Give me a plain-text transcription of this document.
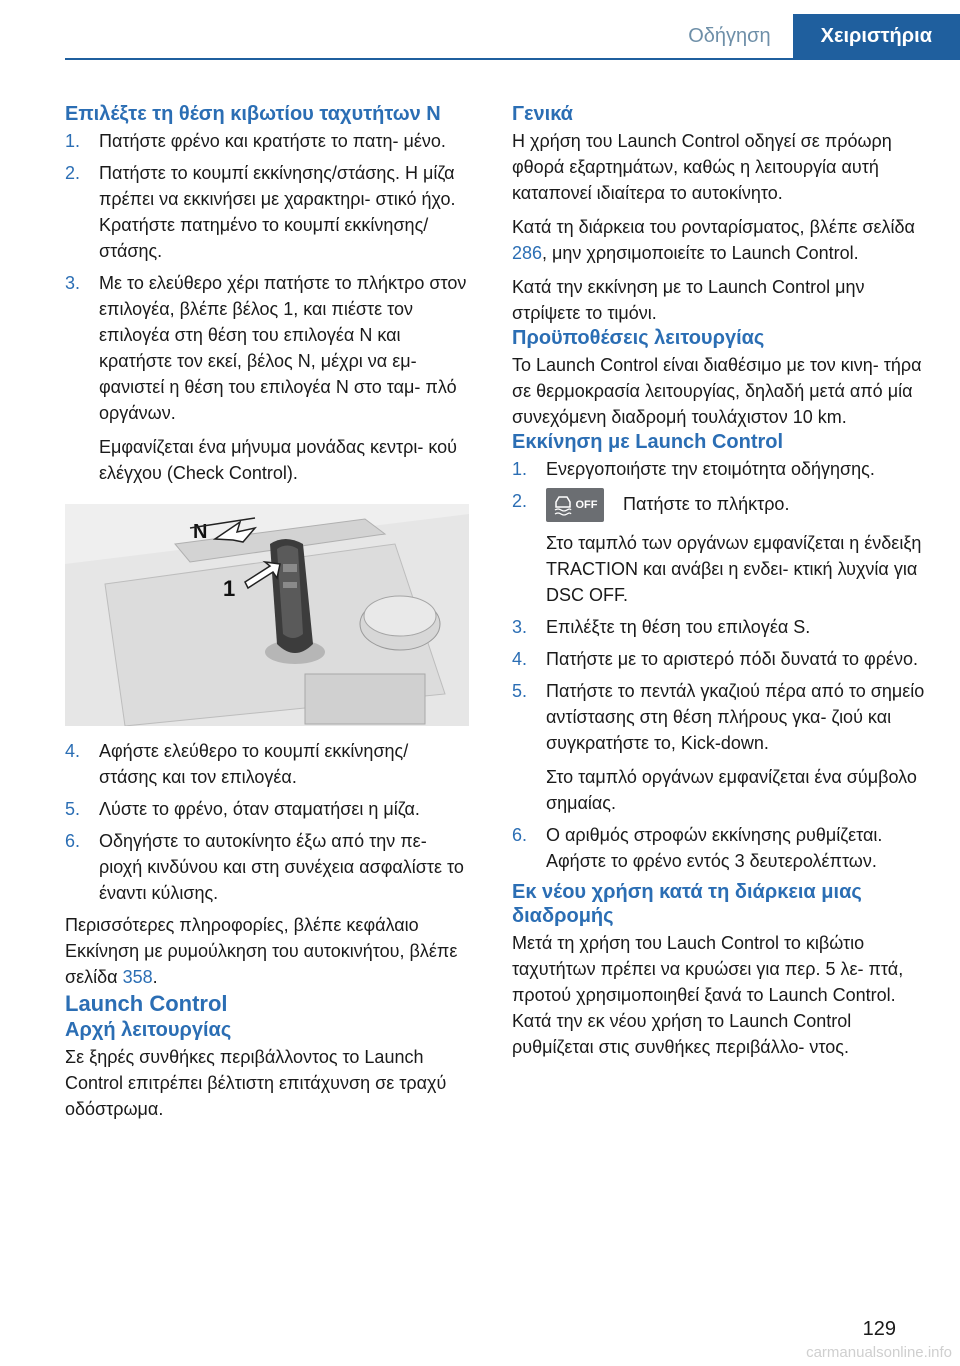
Οδήγηση	Χειριστήρια
Επιλέξτε τη θέση κιβωτίου ταχυτήτων N
1.	Πατήστε φρένο και κρατήστε το πατη- μένο.

2.	Πατήστε το κουμπί εκκίνησης/στάσης. Η μίζα πρέπει να εκκινήσει με χαρακτηρι- στικό ήχο. Κρατήστε πατημένο το κουμπί εκκίνησης/στάσης.

3.	Με το ελεύθερο χέρι πατήστε το πλήκτρο στον επιλογέα, βλέπε βέλος 1, και πιέστε τον επιλογέα στη θέση του επιλογέα N και κρατήστε τον εκεί, βέλος N, μέχρι να εμ- φανιστεί η θέση του επιλογέα N στο ταμ- πλό οργάνων.

Εμφανίζεται ένα μήνυμα μονάδας κεντρι- κού ελέγχου (Check Control).

1
N
4.	Αφήστε ελεύθερο το κουμπί εκκίνησης/ στάσης και τον επιλογέα.

5.	Λύστε το φρένο, όταν σταματήσει η μίζα.

6.	Οδηγήστε το αυτοκίνητο έξω από την πε- ριοχή κινδύνου και στη συνέχεια ασφαλίστε το έναντι κύλισης.

Περισσότερες πληροφορίες, βλέπε κεφάλαιο Εκκίνηση με ρυμούλκηση του αυτοκινήτου, βλέπε σελίδα 358.

Launch Control
Αρχή λειτουργίας

Σε ξηρές συνθήκες περιβάλλοντος το Launch Control επιτρέπει βέλτιστη επιτάχυνση σε τραχύ οδόστρωμα.

Γενικά

Η χρήση του Launch Control οδηγεί σε πρόωρη φθορά εξαρτημάτων, καθώς η λειτουργία αυτή καταπονεί ιδιαίτερα το αυτοκίνητο.

Κατά τη διάρκεια του ρονταρίσματος, βλέπε σελίδα 286, μην χρησιμοποιείτε το Launch Control.

Κατά την εκκίνηση με το Launch Control μην στρίψετε το τιμόνι.

Προϋποθέσεις λειτουργίας

Το Launch Control είναι διαθέσιμο με τον κινη- τήρα σε θερμοκρασία λειτουργίας, δηλαδή μετά από μία συνεχόμενη διαδρομή τουλάχιστον 10 km.

Εκκίνηση με Launch Control
1.	Ενεργοποιήστε την ετοιμότητα οδήγησης.

2.	OFF Πατήστε το πλήκτρο.

Στο ταμπλό των οργάνων εμφανίζεται η ένδειξη TRACTION και ανάβει η ενδει- κτική λυχνία για DSC OFF.

3.	Επιλέξτε τη θέση του επιλογέα S.

4.	Πατήστε με το αριστερό πόδι δυνατά το φρένο.

5.	Πατήστε το πεντάλ γκαζιού πέρα από το σημείο αντίστασης στη θέση πλήρους γκα- ζιού και συγκρατήστε το, Kick-down.

Στο ταμπλό οργάνων εμφανίζεται ένα σύμβολο σημαίας.

6.	Ο αριθμός στροφών εκκίνησης ρυθμίζεται. Αφήστε το φρένο εντός 3 δευτερολέπτων.

Εκ νέου χρήση κατά τη διάρκεια μιας διαδρομής

Μετά τη χρήση του Lauch Control το κιβώτιο ταχυτήτων πρέπει να κρυώσει για περ. 5 λε- πτά, προτού χρησιμοποιηθεί ξανά το Launch Control. Κατά την εκ νέου χρήση το Launch Control ρυθμίζεται στις συνθήκες περιβάλλο- ντος.

Online Edition for Part no. 0140 2 976 270 - X/16	129
carmanualsonline.info
